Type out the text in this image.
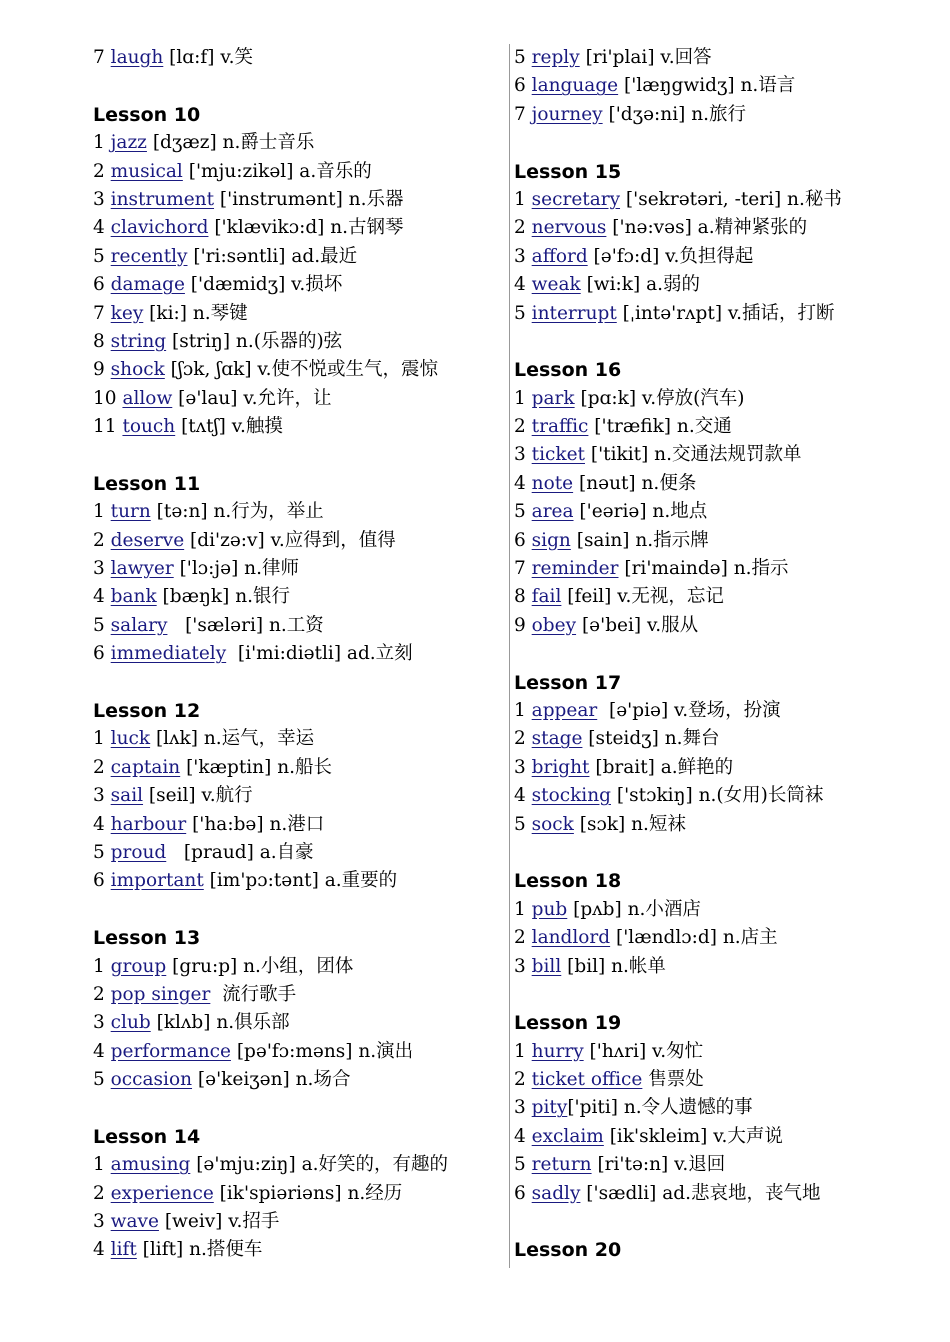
7 laugh [lɑ:f] v.笑
Lesson 10
1 jazz [dʒæz] n.爵士音乐
2 musical ['mju:zikəl] a.音乐的
3 instrument ['instrumənt] n.乐器
4 clavichord ['klævikɔ:d] n.古钢琴
5 recently ['ri:səntli] ad.最近
6 damage ['dæmidʒ] v.损坏
7 key [ki:] n.琴键
8 string [striŋ] n.(乐器的)弦
9 shock [ʃɔk, ʃɑk] v.使不悦或生气，震惊
10 allow [ə'lau] v.允许，让
11 touch [tʌtʃ] v.触摸
Lesson 11
1 turn [tə:n] n.行为，举止
2 deserve [di'zə:v] v.应得到，值得
3 lawyer ['lɔ:jə] n.律师
4 bank [bæŋk] n.银行
5 salary   ['sæləri] n.工资
6 immediately  [i'mi:diətli] ad.立刻
Lesson 12
1 luck [lʌk] n.运气，幸运
2 captain ['kæptin] n.船长
3 sail [seil] v.航行
4 harbour ['ha:bə] n.港口
5 proud   [praud] a.自豪
6 important [im'pɔ:tənt] a.重要的
Lesson 13
1 group [gru:p] n.小组，团体
2 pop singer  流行歌手
3 club [klʌb] n.俱乐部
4 performance [pə'fɔ:məns] n.演出
5 occasion [ə'keiʒən] n.场合
Lesson 14
1 amusing [ə'mju:ziŋ] a.好笑的，有趣的
2 experience [ik'spiəriəns] n.经历
3 wave [weiv] v.招手
4 lift [lift] n.搭便车
5 reply [ri'plai] v.回答
6 language ['læŋgwidʒ] n.语言
7 journey ['dʒə:ni] n.旅行
Lesson 15
1 secretary ['sekrətəri, -teri] n.秘书
2 nervous ['nə:vəs] a.精神紧张的
3 afford [ə'fɔ:d] v.负担得起
4 weak [wi:k] a.弱的
5 interrupt [ˌintə'rʌpt] v.插话，打断
Lesson 16
1 park [pɑ:k] v.停放(汽车)
2 traffic ['træfik] n.交通
3 ticket ['tikit] n.交通法规罚款单
4 note [nəut] n.便条
5 area ['eəriə] n.地点
6 sign [sain] n.指示牌
7 reminder [ri'maində] n.指示
8 fail [feil] v.无视，忘记
9 obey [ə'bei] v.服从
Lesson 17
1 appear  [ə'piə] v.登场，扮演
2 stage [steidʒ] n.舞台
3 bright [brait] a.鲜艳的
4 stocking ['stɔkiŋ] n.(女用)长筒袜
5 sock [sɔk] n.短袜
Lesson 18
1 pub [pʌb] n.小酒店
2 landlord ['lændlɔ:d] n.店主
3 bill [bil] n.帐单
Lesson 19
1 hurry ['hʌri] v.匆忙
2 ticket office 售票处
3 pity['piti] n.令人遗憾的事
4 exclaim [ik'skleim] v.大声说
5 return [ri'tə:n] v.退回
6 sadly ['sædli] ad.悲哀地，丧气地
Lesson 20
